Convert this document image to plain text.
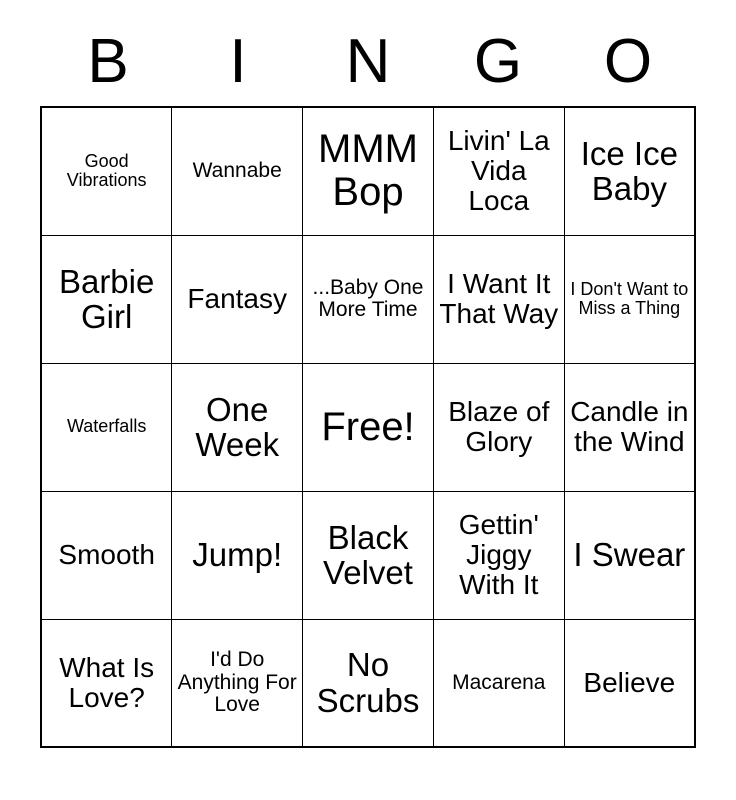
B	I	N	G	O
Good Vibrations	Wannabe	MMM Bop	Livin' La Vida Loca	Ice Ice Baby

Barbie Girl	Fantasy	...Baby One More Time	I Want It That Way	I Don't Want to Miss a Thing

Waterfalls	One Week	Free!	Blaze of Glory	Candle in the Wind

Smooth	Jump!	Black Velvet	Gettin' Jiggy With It	I Swear

What Is Love?	I'd Do Anything For Love	No Scrubs	Macarena	Believe
